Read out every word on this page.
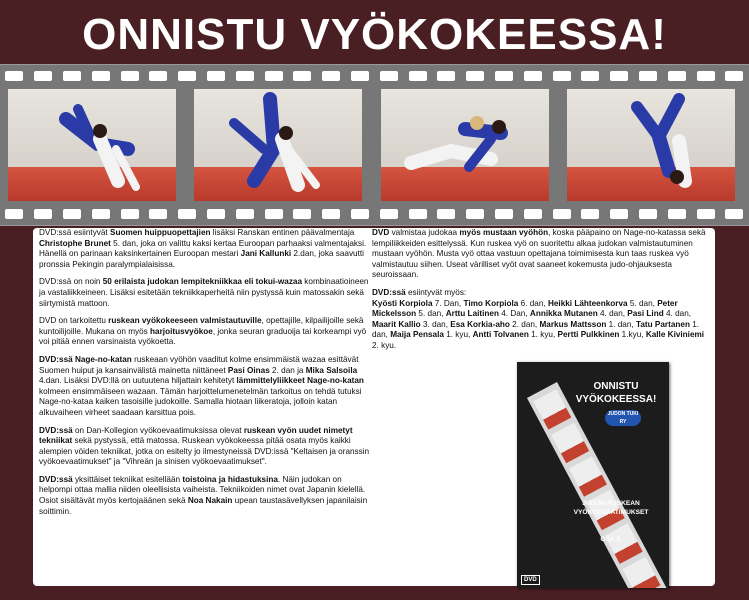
ONNISTU VYÖKOKEESSA!

DVD:ssä esiintyvät Suomen huippuopettajien lisäksi Ranskan entinen päävalmentaja Christophe Brunet 5. dan, joka on valittu kaksi kertaa Euroopan parhaaksi valmentajaksi. Hänellä on parinaan kaksinkertainen Euroopan mestari Jani Kallunki 2.dan, joka saavutti pronssia Pekingin paralympialaisissa.

DVD:ssä on noin 50 erilaista judokan lempitekniikkaa eli tokui-wazaa kombinaatioineen ja vastaliikkeineen. Lisäksi esitetään tekniikkaperheitä niin pystyssä kuin matossakin sekä siirtymistä mattoon.

DVD on tarkoitettu ruskean vyökokeeseen valmistautuville, opettajille, kilpailijoille sekä kuntoilijoille. Mukana on myös harjoitusvyökoe, jonka seuran graduoija tai korkeampi vyö voi pitää ennen varsinaista vyökoetta.

DVD:ssä Nage-no-katan ruskeaan vyöhön vaaditut kolme ensimmäistä wazaa esittävät Suomen huiput ja kansainvälistä mainetta niittäneet Pasi Oinas 2. dan ja Mika Salsoila 4.dan. Lisäksi DVD:llä on uutuutena hiljattain kehitetyt lämmittelyliikkeet Nage-no-katan kolmeen ensimmäiseen wazaan. Tämän harjoittelumenetelmän tarkoitus on tehdä tutuksi Nage-no-kataa kaiken tasoisille judokoille. Samalla hiotaan liikeratoja, jolloin katan alkuvaiheen virheet saadaan karsittua pois.

DVD:ssä on Dan-Kollegion vyökoevaatimuksissa olevat ruskean vyön uudet nimetyt tekniikat sekä pystyssä, että matossa. Ruskean vyökokeessa pitää osata myös kaikki alempien vöiden tekniikat, jotka on esitelty jo ilmestyneissä DVD:issä "Keltaisen ja oranssin vyökoevaatimukset" ja "Vihreän ja sinisen vyökoevaatimukset".

DVD:ssä yksittäiset tekniikat esitellään toistoina ja hidastuksina. Näin judokan on helpompi ottaa mallia niiden oleellisista vaiheista. Tekniikoiden nimet ovat Japanin kielellä. Osiot sisältävät myös kertojaäänen sekä Noa Nakain upean taustasävellyksen japanilaisin soittimin.

DVD valmistaa judokaa myös mustaan vyöhön, koska pääpaino on Nage-no-katassa sekä lempiliikkeiden esittelyssä. Kun ruskea vyö on suoritettu alkaa judokan valmistautuminen mustaan vyöhön. Musta vyö ottaa vastuun opettajana toimimisesta kun taas ruskea vyö valmistautuu siihen. Useat värilliset vyöt ovat saaneet kokemusta judo-ohjauksesta seuroissaan.

DVD:ssä esiintyvät myös:
Kyösti Korpiola 7. Dan, Timo Korpiola 6. dan, Heikki Lähteenkorva 5. dan, Peter Mickelsson 5. dan, Arttu Laitinen 4. Dan, Annikka Mutanen 4. dan, Pasi Lind 4. dan, Maarit Kallio 3. dan, Esa Korkia-aho 2. dan, Markus Mattsson 1. dan, Tatu Partanen 1. dan, Maija Pensala 1. kyu, Antti Tolvanen 1. kyu, Pertti Pulkkinen 1.kyu, Kalle Kiviniemi 2. kyu.

ONNISTU VYÖKOKEESSA!
JUDON TUKI RY
JUDON RUSKEAN VYÖKOEVAATIMUKSET
OSA 3.
DVD
